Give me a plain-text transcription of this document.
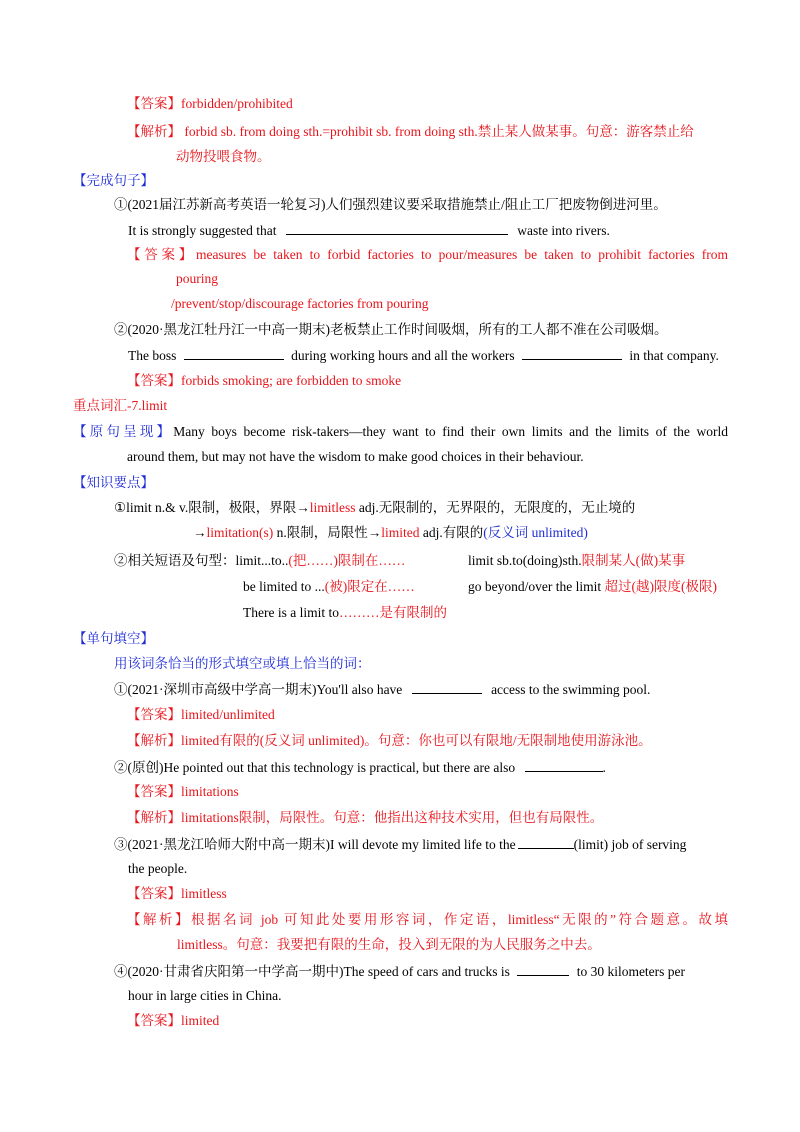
【答案】forbidden/prohibited
【解析】 forbid sb. from doing sth.=prohibit sb. from doing sth.禁止某人做某事。句意：游客禁止给
动物投喂食物。
【完成句子】
①(2021届江苏新高考英语一轮复习)人们强烈建议要采取措施禁止/阻止工厂把废物倒进河里。
It is strongly suggested that	waste into rivers.
【答案】measures be taken to forbid factories to pour/measures be taken to prohibit factories from
pouring
/prevent/stop/discourage factories from pouring
②(2020·黑龙江牡丹江一中高一期末)老板禁止工作时间吸烟，所有的工人都不准在公司吸烟。
The boss	during working hours and all the workers	in that company.
【答案】forbids smoking; are forbidden to smoke
重点词汇-7.limit
【原句呈现】Many boys become risk-takers—they want to find their own limits and the limits of the world
around them, but may not have the wisdom to make good choices in their behaviour.
【知识要点】
①limit n.& v.限制，极限，界限→limitless adj.无限制的，无界限的，无限度的，无止境的
→limitation(s) n.限制，局限性→limited adj.有限的(反义词 unlimited)
②相关短语及句型：limit...to..(把……)限制在……	limit sb.to(doing)sth.限制某人(做)某事
be limited to ...(被)限定在……	go beyond/over the limit 超过(越)限度(极限)
There is a limit to………是有限制的
【单句填空】
用该词条恰当的形式填空或填上恰当的词：
①(2021·深圳市高级中学高一期末)You'll also have	access to the swimming pool.
【答案】limited/unlimited
【解析】limited有限的(反义词 unlimited)。句意：你也可以有限地/无限制地使用游泳池。
②(原创)He pointed out that this technology is practical, but there are also	.
【答案】limitations
【解析】limitations限制，局限性。句意：他指出这种技术实用，但也有局限性。
③(2021·黑龙江哈师大附中高一期末)I will devote my limited life to the	(limit) job of serving
the people.
【答案】limitless
【解析】根据名词 job 可知此处要用形容词，作定语，limitless“无限的”符合题意。故填
limitless。句意：我要把有限的生命，投入到无限的为人民服务之中去。
④(2020·甘肃省庆阳第一中学高一期中)The speed of cars and trucks is	to 30 kilometers per
hour in large cities in China.
【答案】limited
